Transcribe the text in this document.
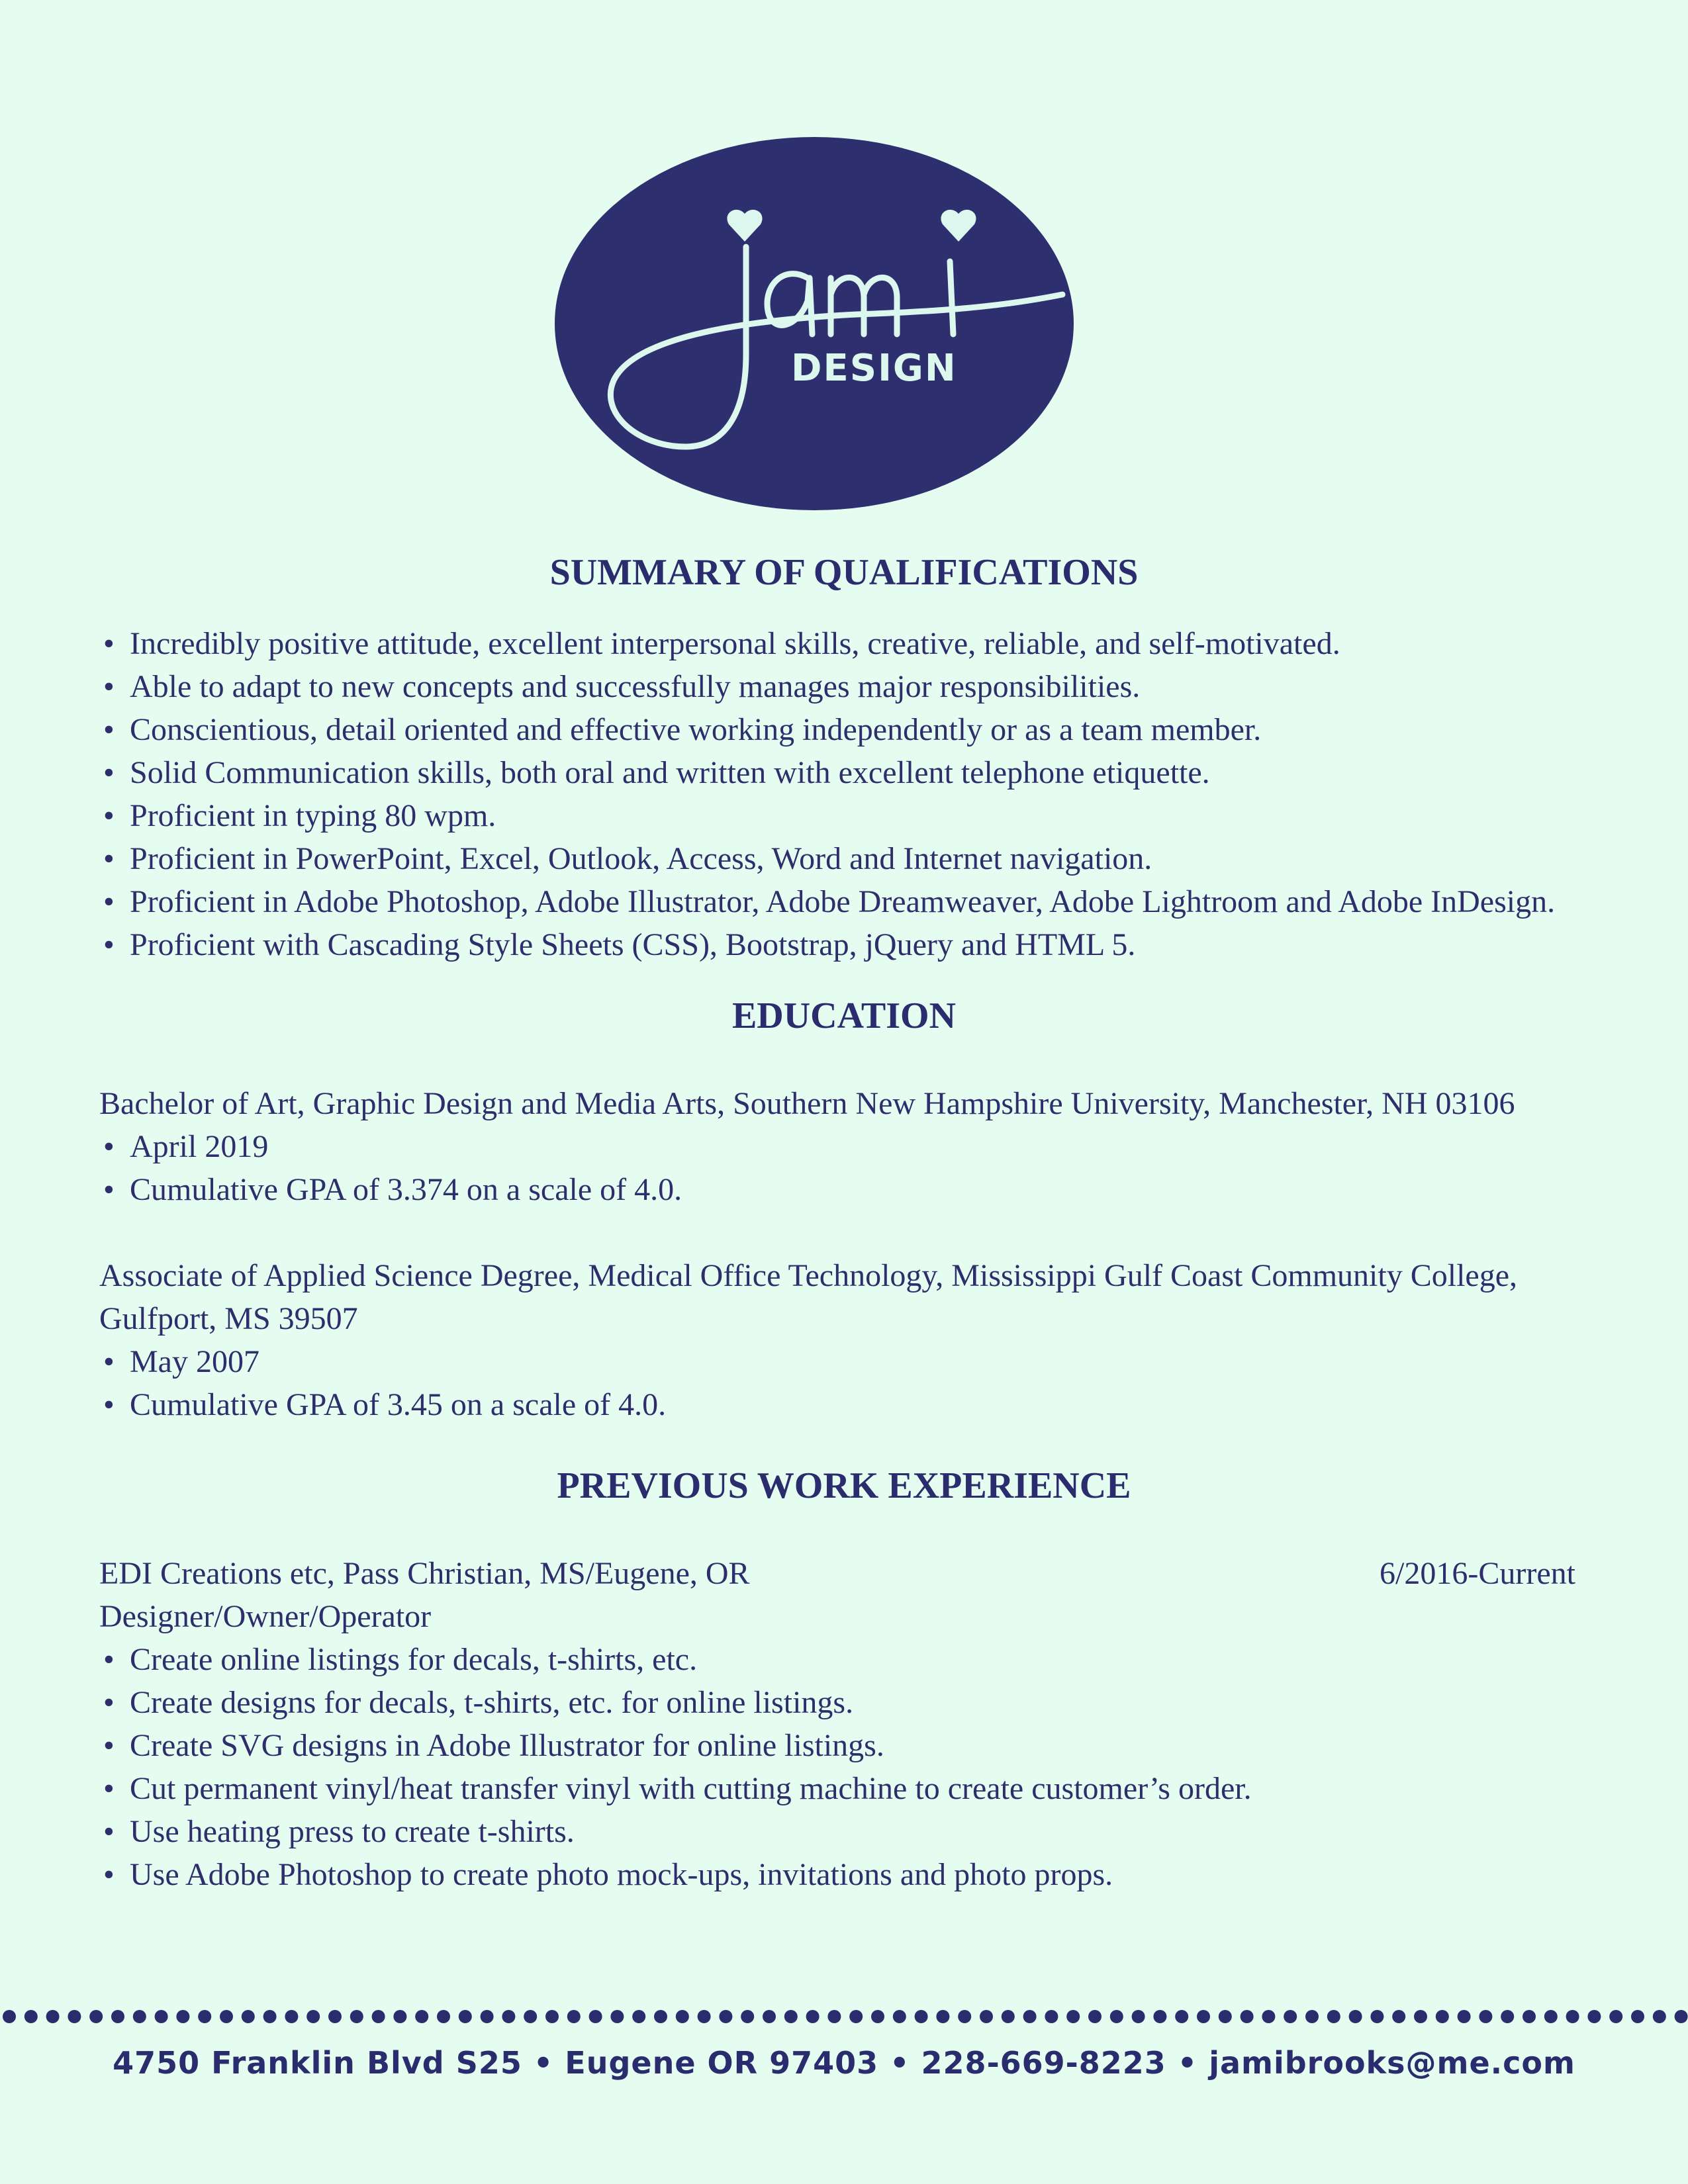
DESIGN
SUMMARY OF QUALIFICATIONS
• Incredibly positive attitude, excellent interpersonal skills, creative, reliable, and self-motivated.
• Able to adapt to new concepts and successfully manages major responsibilities.
• Conscientious, detail oriented and effective working independently or as a team member.
• Solid Communication skills, both oral and written with excellent telephone etiquette.
• Proficient in typing 80 wpm.
• Proficient in PowerPoint, Excel, Outlook, Access, Word and Internet navigation.
• Proficient in Adobe Photoshop, Adobe Illustrator, Adobe Dreamweaver, Adobe Lightroom and Adobe InDesign.
• Proficient with Cascading Style Sheets (CSS), Bootstrap, jQuery and HTML 5.
EDUCATION

Bachelor of Art, Graphic Design and Media Arts, Southern New Hampshire University, Manchester, NH 03106

• April 2019
• Cumulative GPA of 3.374 on a scale of 4.0.

Associate of Applied Science Degree, Medical Office Technology, Mississippi Gulf Coast Community College, Gulfport, MS 39507

• May 2007
• Cumulative GPA of 3.45 on a scale of 4.0.
PREVIOUS WORK EXPERIENCE
EDI Creations etc, Pass Christian, MS/Eugene, OR	6/2016-Current

Designer/Owner/Operator

• Create online listings for decals, t-shirts, etc.
• Create designs for decals, t-shirts, etc. for online listings.
• Create SVG designs in Adobe Illustrator for online listings.
• Cut permanent vinyl/heat transfer vinyl with cutting machine to create customer’s order.
• Use heating press to create t-shirts.
• Use Adobe Photoshop to create photo mock-ups, invitations and photo props.
4750 Franklin Blvd S25 • Eugene OR 97403 • 228-669-8223 • jamibrooks@me.com
